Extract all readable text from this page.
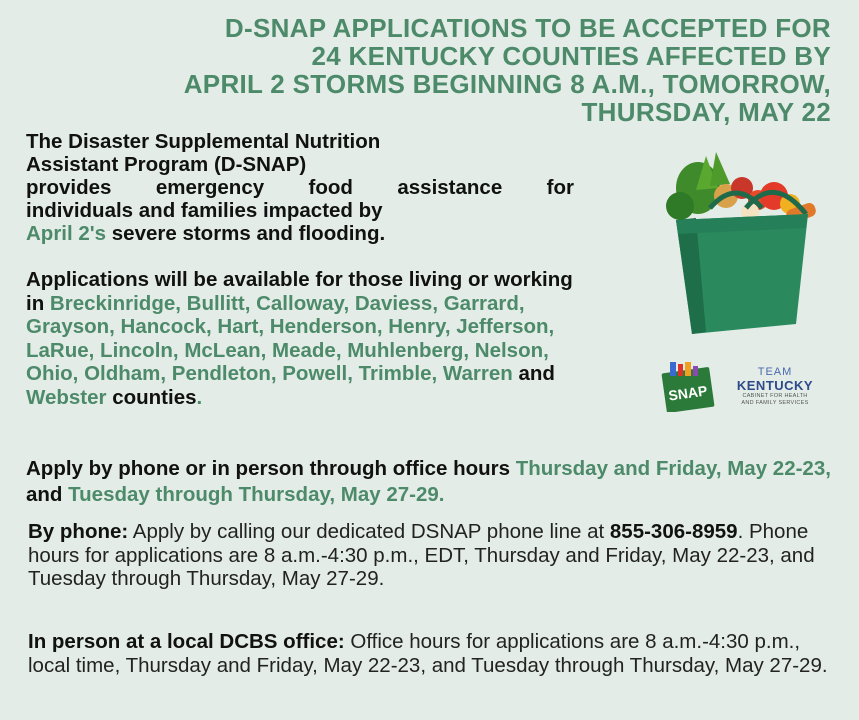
D-SNAP APPLICATIONS TO BE ACCEPTED FOR
24 KENTUCKY COUNTIES AFFECTED BY
APRIL 2 STORMS BEGINNING 8 A.M., TOMORROW,
THURSDAY, MAY 22
The Disaster Supplemental Nutrition
Assistant Program (D-SNAP)
provides emergency food assistance for
individuals and families impacted by
April 2's severe storms and flooding.
Applications will be available for those living or working in Breckinridge, Bullitt, Calloway, Daviess, Garrard, Grayson, Hancock, Hart, Henderson, Henry, Jefferson, LaRue, Lincoln, McLean, Meade, Muhlenberg, Nelson, Ohio, Oldham, Pendleton, Powell, Trimble, Warren and Webster counties.
Apply by phone or in person through office hours Thursday and Friday, May 22-23, and Tuesday through Thursday, May 27-29.
By phone: Apply by calling our dedicated DSNAP phone line at 855-306-8959. Phone hours for applications are 8 a.m.-4:30 p.m., EDT, Thursday and Friday, May 22-23, and Tuesday through Thursday, May 27-29.
In person at a local DCBS office: Office hours for applications are 8 a.m.-4:30 p.m., local time, Thursday and Friday, May 22-23, and Tuesday through Thursday, May 27-29.
SNAP
TEAM
KENTUCKY
CABINET FOR HEALTH
AND FAMILY SERVICES
